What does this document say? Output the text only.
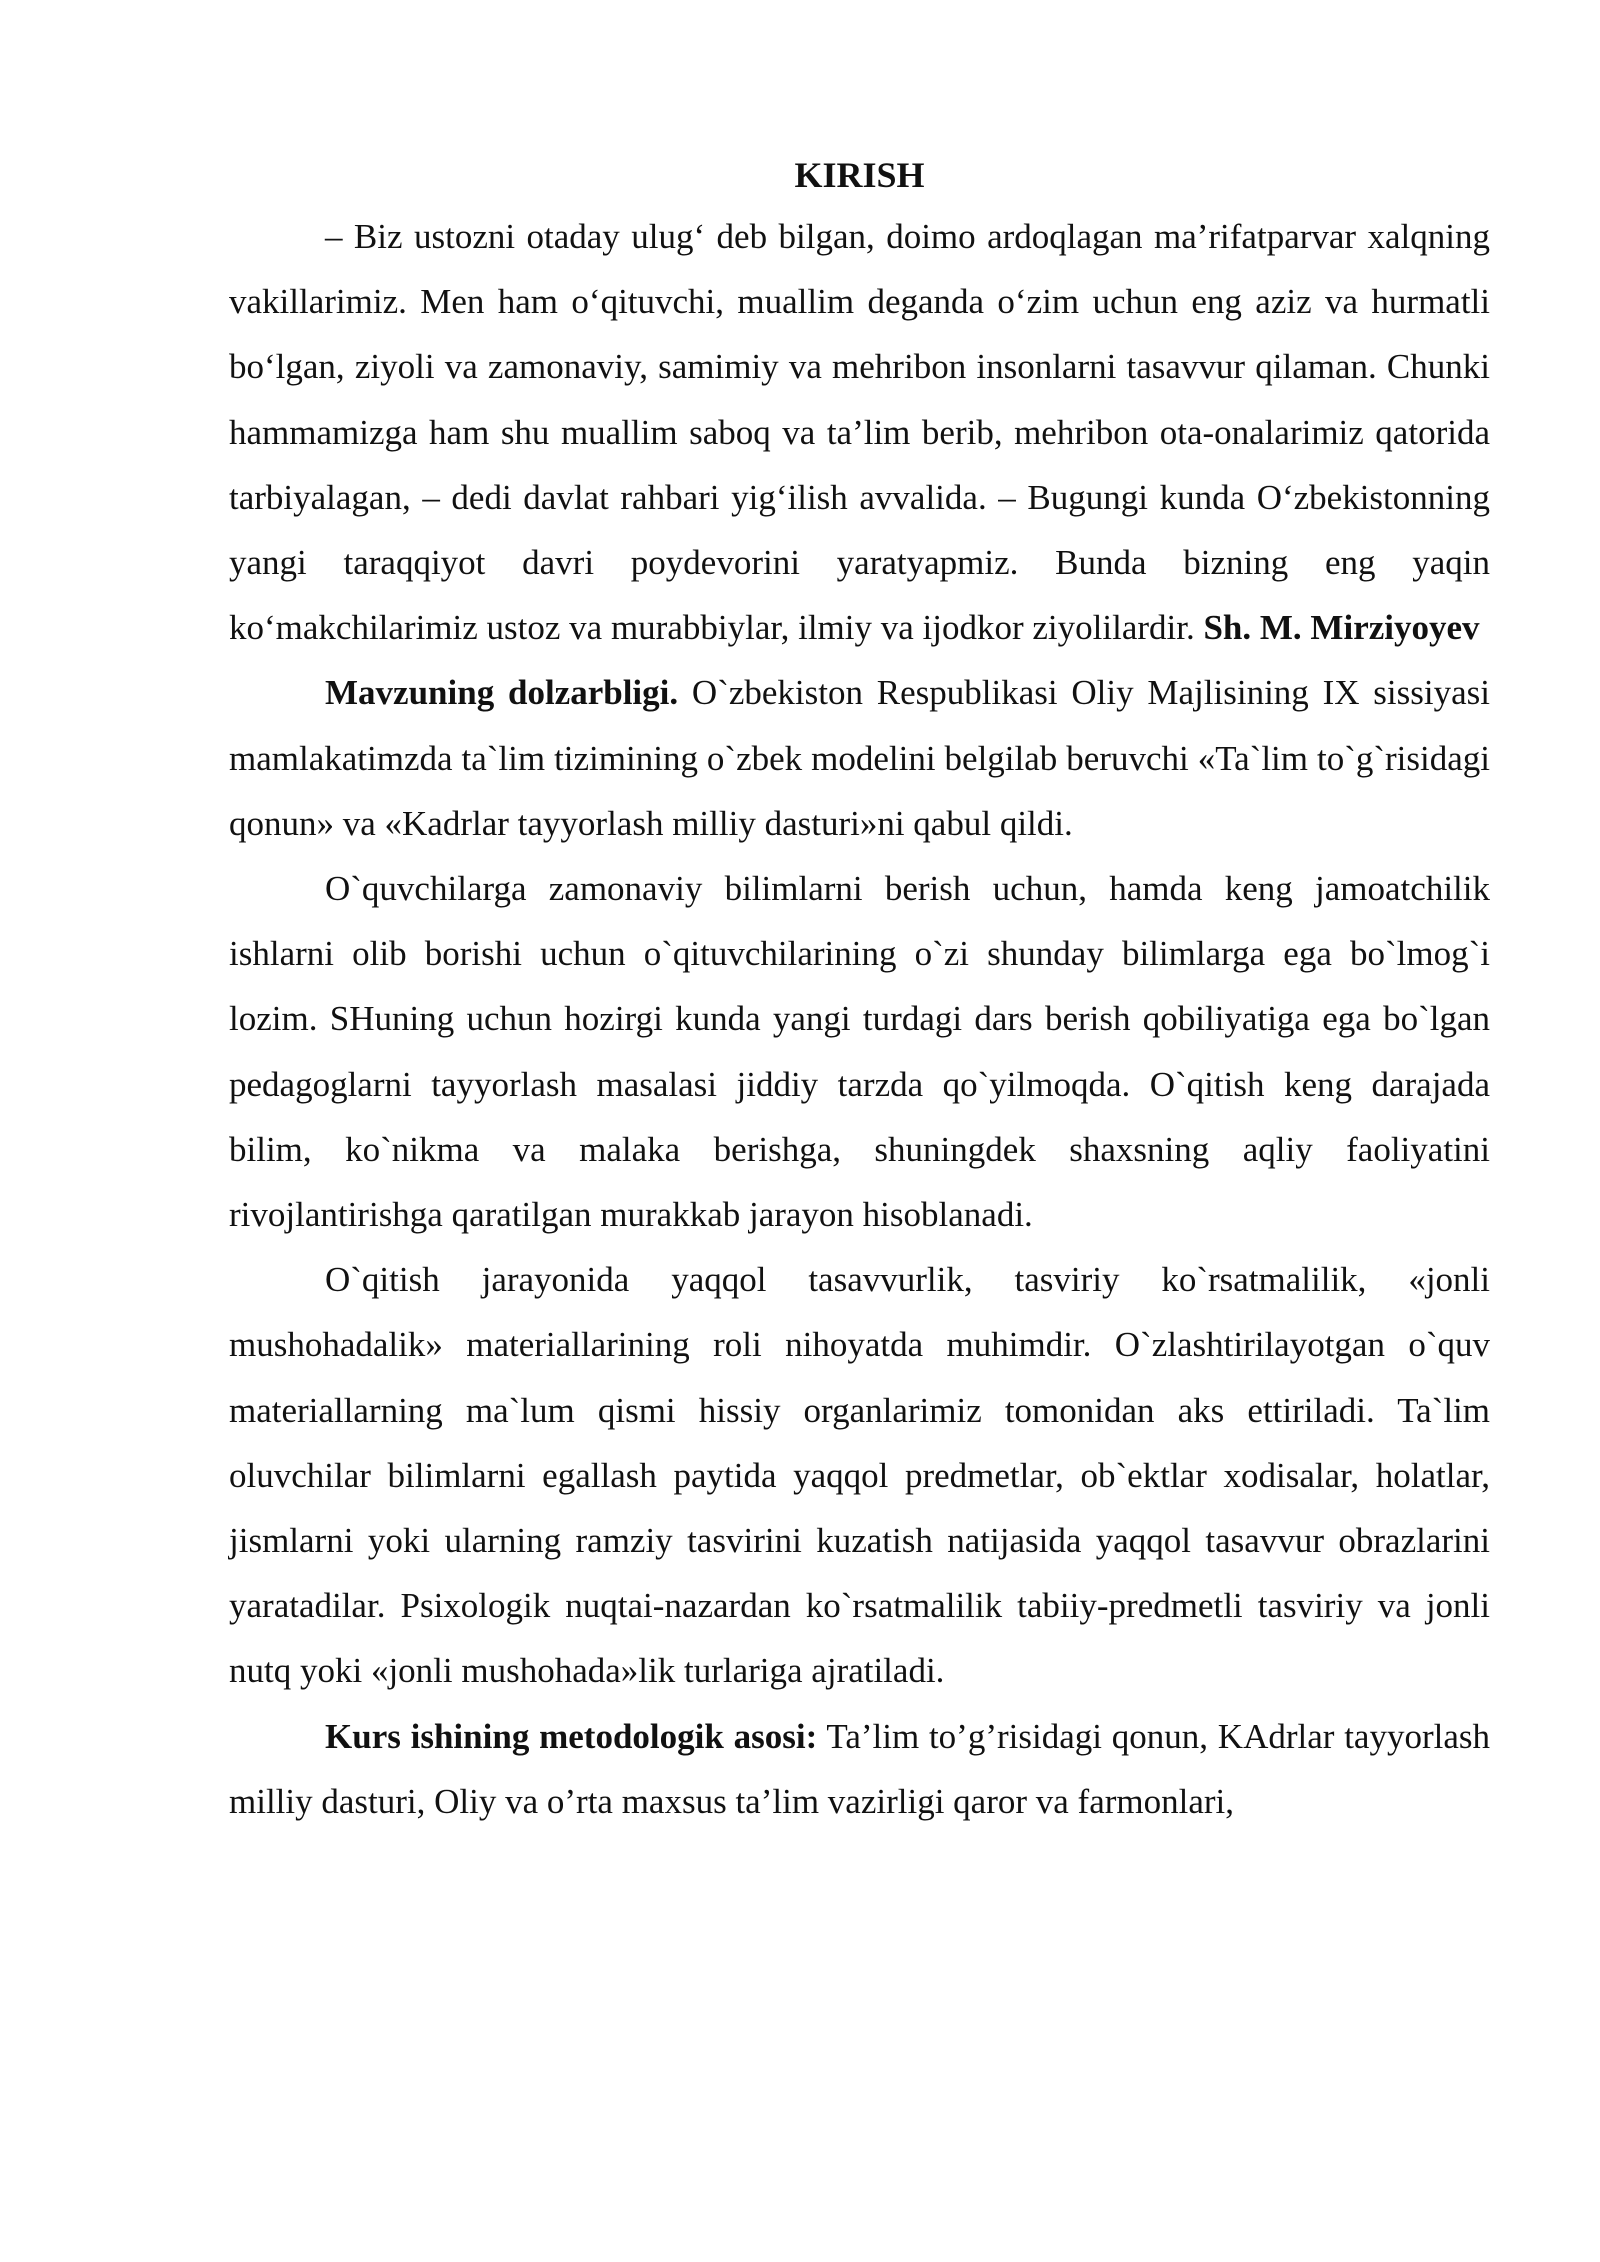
KIRISH

– Biz ustozni otaday ulug‘ deb bilgan, doimo ardoqlagan ma’rifatparvar xalqning vakillarimiz. Men ham o‘qituvchi, muallim deganda o‘zim uchun eng aziz va hurmatli bo‘lgan, ziyoli va zamonaviy, samimiy va mehribon insonlarni tasavvur qilaman. Chunki hammamizga ham shu muallim saboq va ta’lim berib, mehribon ota-onalarimiz qatorida tarbiyalagan, – dedi davlat rahbari yig‘ilish avvalida. – Bugungi kunda O‘zbekistonning yangi taraqqiyot davri poydevorini yaratyapmiz. Bunda bizning eng yaqin ko‘makchilarimiz ustoz va murabbiylar, ilmiy va ijodkor ziyolilardir. Sh. M. Mirziyoyev

Mavzuning dolzarbligi. O`zbekiston Respublikasi Oliy Majlisining IX sissiyasi mamlakatimzda ta`lim tizimining o`zbek modelini belgilab beruvchi «Ta`lim to`g`risidagi qonun» va «Kadrlar tayyorlash milliy dasturi»ni qabul qildi.

O`quvchilarga zamonaviy bilimlarni berish uchun, hamda keng jamoatchilik ishlarni olib borishi uchun o`qituvchilarining o`zi shunday bilimlarga ega bo`lmog`i lozim. SHuning uchun hozirgi kunda yangi turdagi dars berish qobiliyatiga ega bo`lgan pedagoglarni tayyorlash masalasi jiddiy tarzda qo`yilmoqda. O`qitish keng darajada bilim, ko`nikma va malaka berishga, shuningdek shaxsning aqliy faoliyatini rivojlantirishga qaratilgan murakkab jarayon hisoblanadi.

O`qitish jarayonida yaqqol tasavvurlik, tasviriy ko`rsatmalilik, «jonli mushohadalik» materiallarining roli nihoyatda muhimdir. O`zlashtirilayotgan o`quv materiallarning ma`lum qismi hissiy organlarimiz tomonidan aks ettiriladi. Ta`lim oluvchilar bilimlarni egallash paytida yaqqol predmetlar, ob`ektlar xodisalar, holatlar, jismlarni yoki ularning ramziy tasvirini kuzatish natijasida yaqqol tasavvur obrazlarini yaratadilar. Psixologik nuqtai-nazardan ko`rsatmalilik tabiiy-predmetli tasviriy va jonli nutq yoki «jonli mushohada»lik turlariga ajratiladi.

Kurs ishining metodologik asosi: Ta’lim to’g’risidagi qonun, KAdrlar tayyorlash milliy dasturi, Oliy va o’rta maxsus ta’lim vazirligi qaror va farmonlari,
